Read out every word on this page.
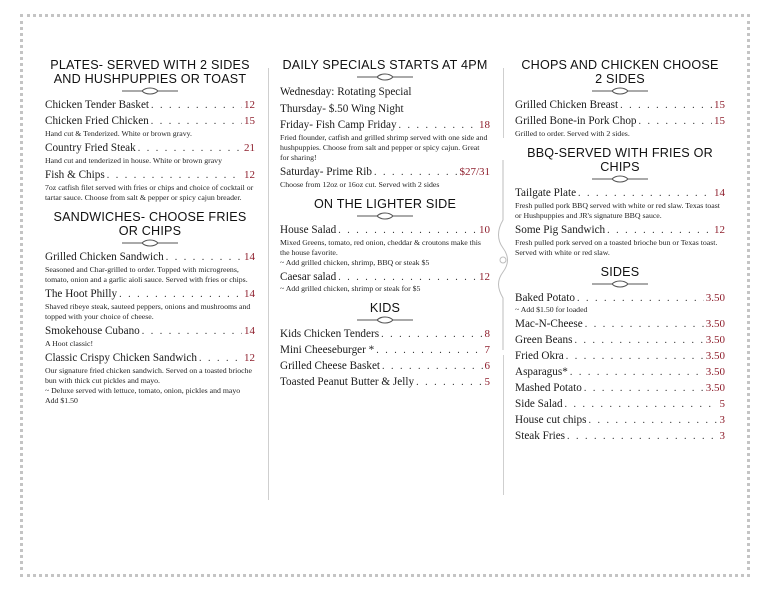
PLATES- SERVED WITH 2 SIDES
AND HUSHPUPPIES OR TOAST
Chicken Tender Basket . . .	12
Chicken Fried Chicken . . .	15
Hand cut & Tenderized. White or brown gravy.
Country Fried Steak . . .	21
Hand cut and tenderized in house. White or brown gravy
Fish & Chips . . .	12
7oz catfish filet served with fries or chips and choice of cocktail or tartar sauce. Choose from salt & pepper or spicy cajun breader.
SANDWICHES- CHOOSE FRIES
OR CHIPS
Grilled Chicken Sandwich . . .	14
Seasoned and Char-grilled to order. Topped with microgreens, tomato, onion and a garlic aioli sauce. Served with fries or chips.
The Hoot Philly . . .	14
Shaved ribeye steak, sauteed peppers, onions and mushrooms and topped with your choice of cheese.
Smokehouse Cubano . . .	14
A Hoot classic!
Classic Crispy Chicken Sandwich . . .	12
Our signature fried chicken sandwich. Served on a toasted brioche bun with thick cut pickles and mayo.
~ Deluxe served with lettuce, tomato, onion, pickles and mayo Add $1.50
DAILY SPECIALS STARTS AT 4PM
Wednesday: Rotating Special
Thursday- $.50 Wing Night
Friday- Fish Camp Friday . . .	18
Fried flounder, catfish and grilled shrimp served with one side and hushpuppies. Choose from salt and pepper or spicy cajun. Great for sharing!
Saturday- Prime Rib . . .	$27/31
Choose from 12oz or 16oz cut. Served with 2 sides
ON THE LIGHTER SIDE
House Salad . . .	10
Mixed Greens, tomato, red onion, cheddar & croutons make this the house favorite.
~ Add grilled chicken, shrimp, BBQ or steak $5
Caesar salad . . .	12
~ Add grilled chicken, shrimp or steak for $5
KIDS
Kids Chicken Tenders . . .	8
Mini Cheeseburger * . . .	7
Grilled Cheese Basket . . .	6
Toasted Peanut Butter & Jelly . . .	5
CHOPS AND CHICKEN CHOOSE
2 SIDES
Grilled Chicken Breast . . .	15
Grilled Bone-in Pork Chop . . .	15
Grilled to order. Served with 2 sides.
BBQ-SERVED WITH FRIES OR
CHIPS
Tailgate Plate . . .	14
Fresh pulled pork BBQ served with white or red slaw. Texas toast or Hushpuppies and JR's signature BBQ sauce.
Some Pig Sandwich . . .	12
Fresh pulled pork served on a toasted brioche bun or Texas toast. Served with white or red slaw.
SIDES
Baked Potato . . .	3.50
~ Add $1.50 for loaded
Mac-N-Cheese . . .	3.50
Green Beans . . .	3.50
Fried Okra . . .	3.50
Asparagus* . . .	3.50
Mashed Potato . . .	3.50
Side Salad . . .	5
House cut chips . . .	3
Steak Fries . . .	3
